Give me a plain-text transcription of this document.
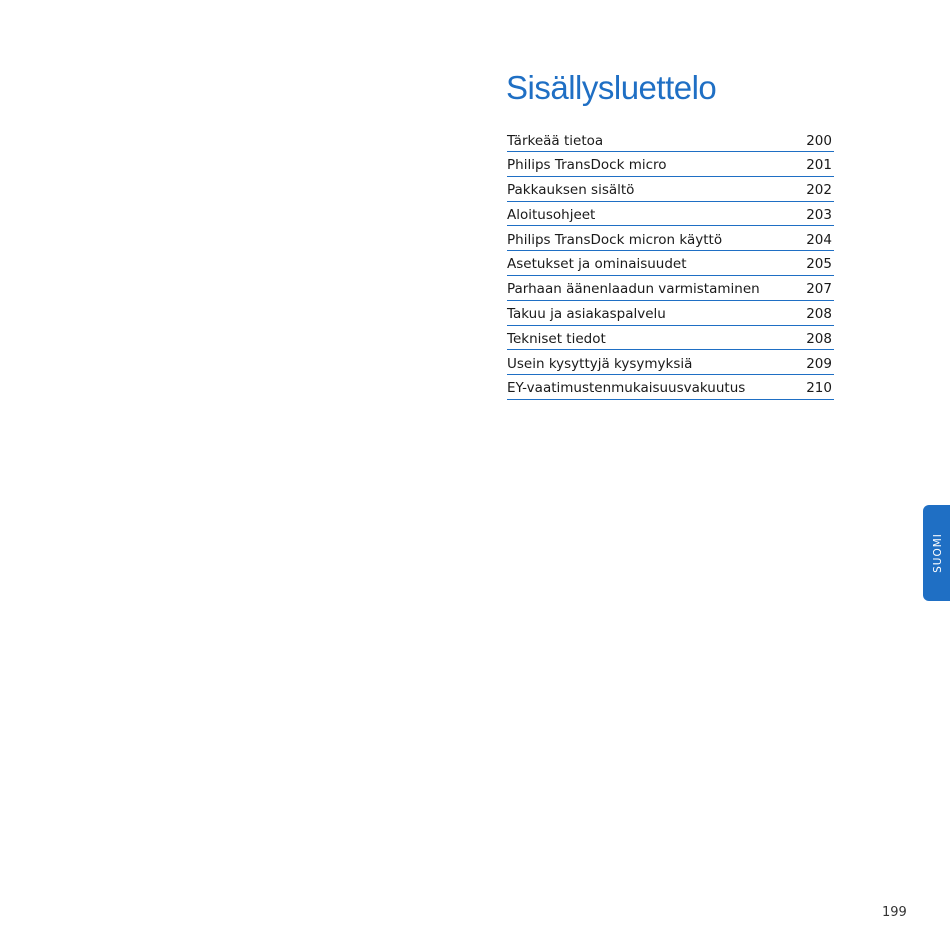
Sisällysluettelo
Tärkeää tietoa	200
Philips TransDock micro	201
Pakkauksen sisältö	202
Aloitusohjeet	203
Philips TransDock micron käyttö	204
Asetukset ja ominaisuudet	205
Parhaan äänenlaadun varmistaminen	207
Takuu ja asiakaspalvelu	208
Tekniset tiedot	208
Usein kysyttyjä kysymyksiä	209
EY-vaatimustenmukaisuusvakuutus	210
SUOMI
199
